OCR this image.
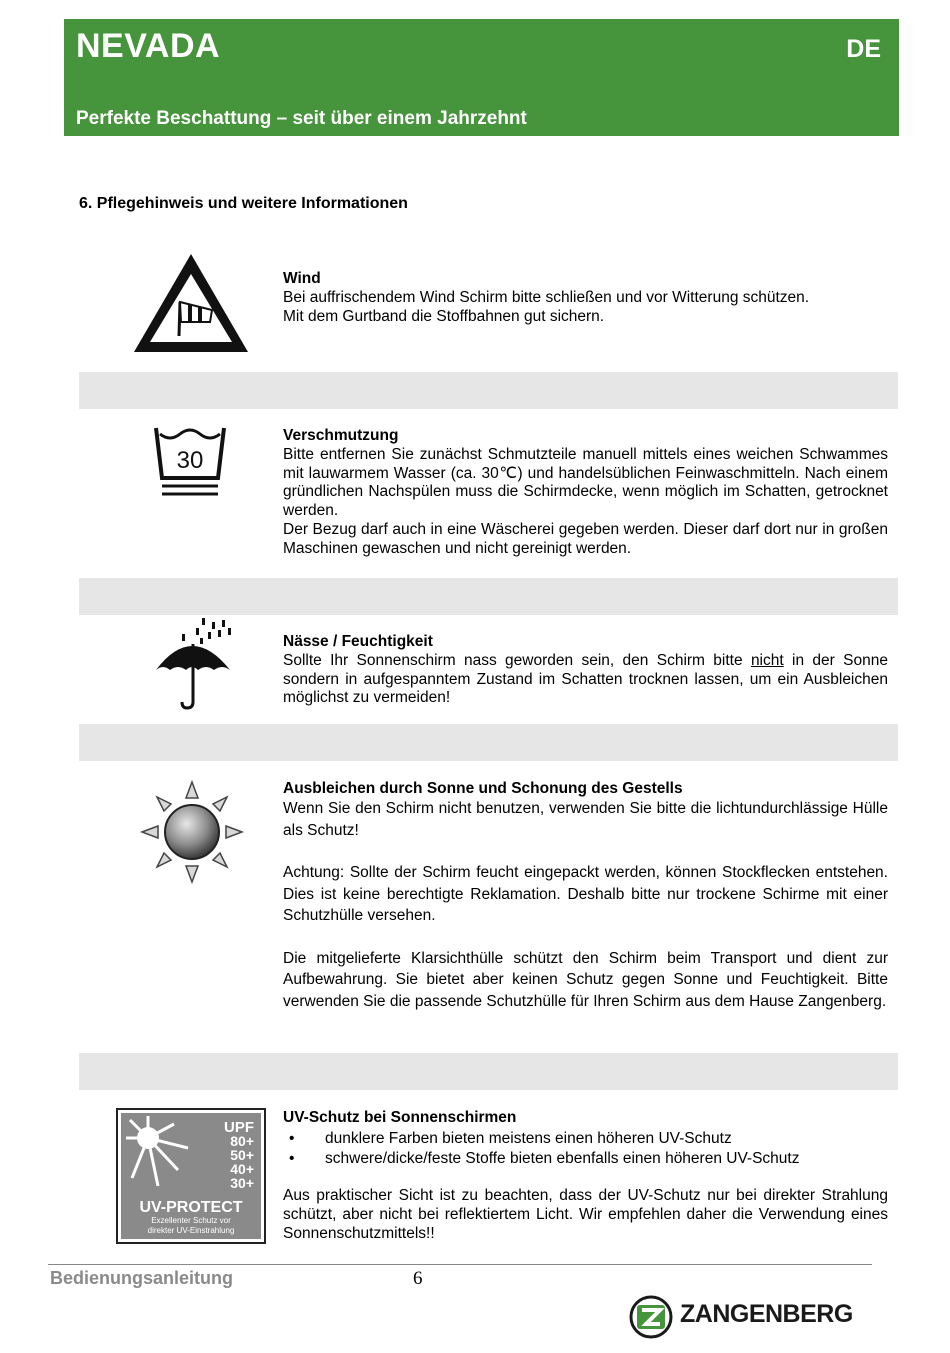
NEVADA	DE
Perfekte Beschattung – seit über einem Jahrzehnt
6. Pflegehinweis und weitere Informationen
Wind

Bei auffrischendem Wind Schirm bitte schließen und vor Witterung schützen.

Mit dem Gurtband die Stoffbahnen gut sichern.

30
Verschmutzung

Bitte entfernen Sie zunächst Schmutzteile manuell mittels eines weichen Schwammes mit lauwarmem Wasser (ca. 30℃) und handelsüblichen Feinwaschmitteln. Nach einem gründlichen Nachspülen muss die Schirmdecke, wenn möglich im Schatten, getrocknet werden.

Der Bezug darf auch in eine Wäscherei gegeben werden. Dieser darf dort nur in großen Maschinen gewaschen und nicht gereinigt werden.

Nässe / Feuchtigkeit

Sollte Ihr Sonnenschirm nass geworden sein, den Schirm bitte nicht in der Sonne sondern in aufgespanntem Zustand im Schatten trocknen lassen, um ein Ausbleichen möglichst zu vermeiden!

Ausbleichen durch Sonne und Schonung des Gestells

Wenn Sie den Schirm nicht benutzen, verwenden Sie bitte die lichtundurchlässige Hülle als Schutz!

Achtung: Sollte der Schirm feucht eingepackt werden, können Stockflecken entstehen. Dies ist keine berechtigte Reklamation. Deshalb bitte nur trockene Schirme mit einer Schutzhülle versehen.

Die mitgelieferte Klarsichthülle schützt den Schirm beim Transport und dient zur Aufbewahrung. Sie bietet aber keinen Schutz gegen Sonne und Feuchtigkeit. Bitte verwenden Sie die passende Schutzhülle für Ihren Schirm aus dem Hause Zangenberg.

UPF
80+
50+
40+
30+
UV-PROTECT
Exzellenter Schutz vor
direkter UV-Einstrahlung
UV-Schutz bei Sonnenschirmen
• dunklere Farben bieten meistens einen höheren UV-Schutz
• schwere/dicke/feste Stoffe bieten ebenfalls einen höheren UV-Schutz

Aus praktischer Sicht ist zu beachten, dass der UV-Schutz nur bei direkter Strahlung schützt, aber nicht bei reflektiertem Licht. Wir empfehlen daher die Verwendung eines Sonnenschutzmittels!!

Bedienungsanleitung	6
ZANGENBERG
